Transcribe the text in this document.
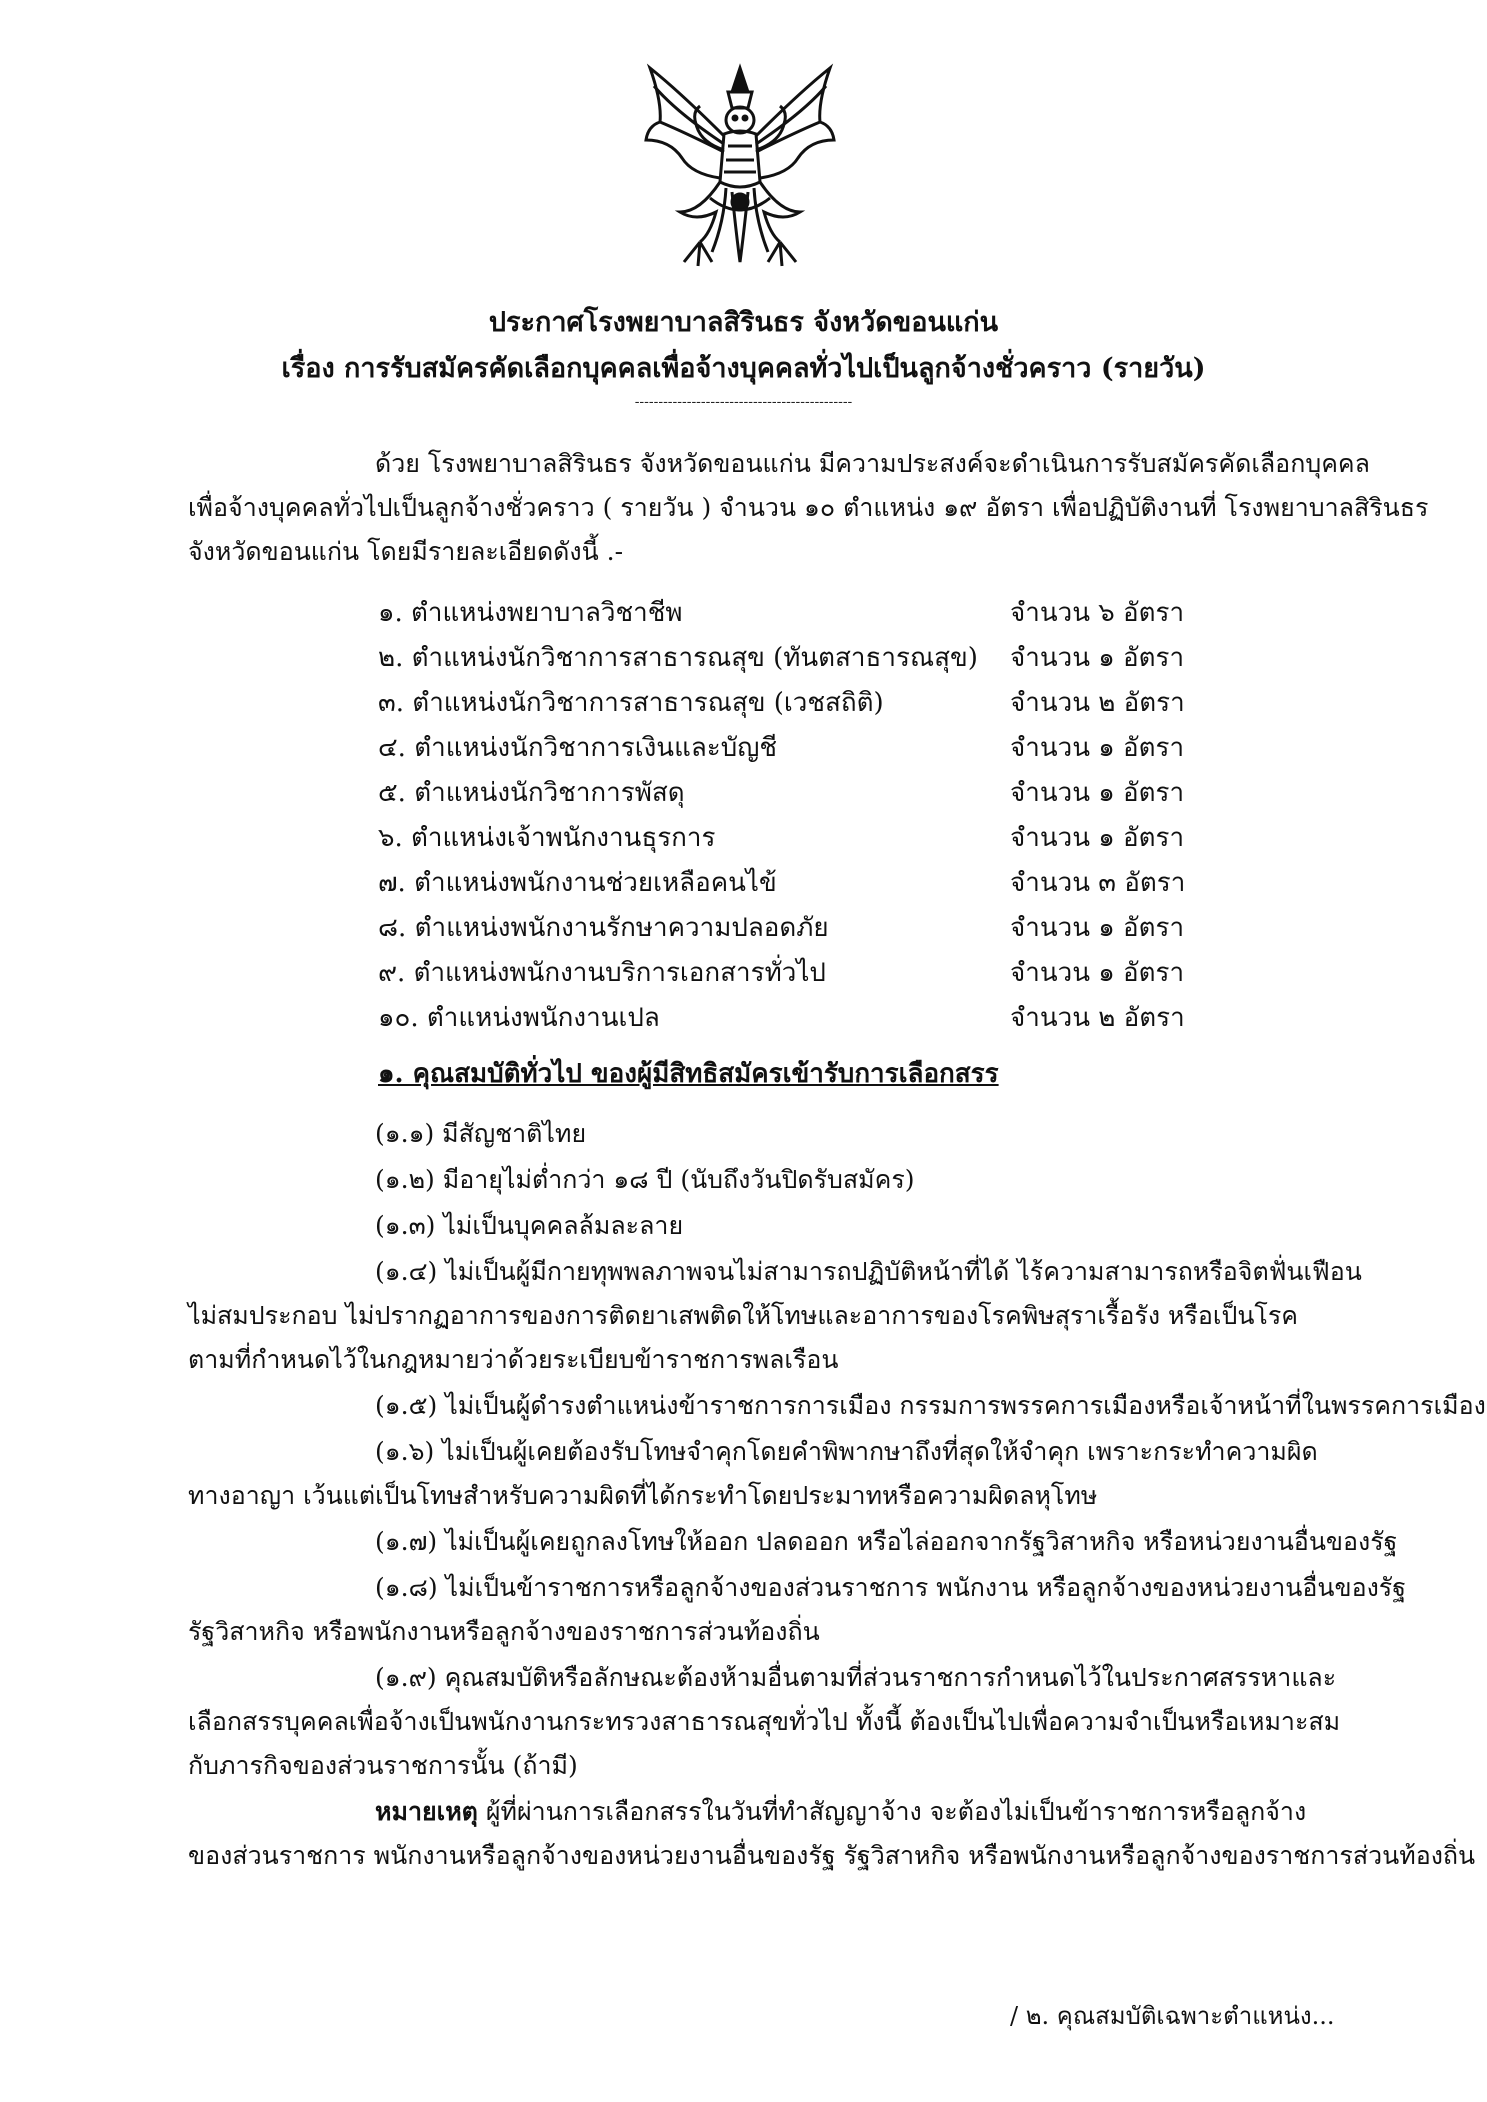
ประกาศโรงพยาบาลสิรินธร จังหวัดขอนแก่น
เรื่อง การรับสมัครคัดเลือกบุคคลเพื่อจ้างบุคคลทั่วไปเป็นลูกจ้างชั่วคราว (รายวัน)
----------------------------------------------
ด้วย โรงพยาบาลสิรินธร จังหวัดขอนแก่น มีความประสงค์จะดำเนินการรับสมัครคัดเลือกบุคคล
เพื่อจ้างบุคคลทั่วไปเป็นลูกจ้างชั่วคราว ( รายวัน ) จำนวน ๑๐ ตำแหน่ง ๑๙ อัตรา เพื่อปฏิบัติงานที่ โรงพยาบาลสิรินธร
จังหวัดขอนแก่น โดยมีรายละเอียดดังนี้ .-
๑. ตำแหน่งพยาบาลวิชาชีพ	จำนวน ๖ อัตรา
๒. ตำแหน่งนักวิชาการสาธารณสุข (ทันตสาธารณสุข) จำนวน ๑ อัตรา
๓. ตำแหน่งนักวิชาการสาธารณสุข (เวชสถิติ)	จำนวน ๒ อัตรา
๔. ตำแหน่งนักวิชาการเงินและบัญชี	จำนวน ๑ อัตรา
๕. ตำแหน่งนักวิชาการพัสดุ	จำนวน ๑ อัตรา
๖. ตำแหน่งเจ้าพนักงานธุรการ	จำนวน ๑ อัตรา
๗. ตำแหน่งพนักงานช่วยเหลือคนไข้	จำนวน ๓ อัตรา
๘. ตำแหน่งพนักงานรักษาความปลอดภัย	จำนวน ๑ อัตรา
๙. ตำแหน่งพนักงานบริการเอกสารทั่วไป	จำนวน ๑ อัตรา
๑๐. ตำแหน่งพนักงานเปล	จำนวน ๒ อัตรา
๑. คุณสมบัติทั่วไป ของผู้มีสิทธิสมัครเข้ารับการเลือกสรร
(๑.๑) มีสัญชาติไทย
(๑.๒) มีอายุไม่ต่ำกว่า ๑๘ ปี (นับถึงวันปิดรับสมัคร)
(๑.๓) ไม่เป็นบุคคลล้มละลาย
(๑.๔) ไม่เป็นผู้มีกายทุพพลภาพจนไม่สามารถปฏิบัติหน้าที่ได้ ไร้ความสามารถหรือจิตฟั่นเฟือน
ไม่สมประกอบ ไม่ปรากฏอาการของการติดยาเสพติดให้โทษและอาการของโรคพิษสุราเรื้อรัง หรือเป็นโรค
ตามที่กำหนดไว้ในกฎหมายว่าด้วยระเบียบข้าราชการพลเรือน
(๑.๕) ไม่เป็นผู้ดำรงตำแหน่งข้าราชการการเมือง กรรมการพรรคการเมืองหรือเจ้าหน้าที่ในพรรคการเมือง
(๑.๖) ไม่เป็นผู้เคยต้องรับโทษจำคุกโดยคำพิพากษาถึงที่สุดให้จำคุก เพราะกระทำความผิด
ทางอาญา เว้นแต่เป็นโทษสำหรับความผิดที่ได้กระทำโดยประมาทหรือความผิดลหุโทษ
(๑.๗) ไม่เป็นผู้เคยถูกลงโทษให้ออก ปลดออก หรือไล่ออกจากรัฐวิสาหกิจ หรือหน่วยงานอื่นของรัฐ
(๑.๘) ไม่เป็นข้าราชการหรือลูกจ้างของส่วนราชการ พนักงาน หรือลูกจ้างของหน่วยงานอื่นของรัฐ
รัฐวิสาหกิจ หรือพนักงานหรือลูกจ้างของราชการส่วนท้องถิ่น
(๑.๙) คุณสมบัติหรือลักษณะต้องห้ามอื่นตามที่ส่วนราชการกำหนดไว้ในประกาศสรรหาและ
เลือกสรรบุคคลเพื่อจ้างเป็นพนักงานกระทรวงสาธารณสุขทั่วไป ทั้งนี้ ต้องเป็นไปเพื่อความจำเป็นหรือเหมาะสม
กับภารกิจของส่วนราชการนั้น (ถ้ามี)
หมายเหตุ ผู้ที่ผ่านการเลือกสรรในวันที่ทำสัญญาจ้าง จะต้องไม่เป็นข้าราชการหรือลูกจ้าง
ของส่วนราชการ พนักงานหรือลูกจ้างของหน่วยงานอื่นของรัฐ รัฐวิสาหกิจ หรือพนักงานหรือลูกจ้างของราชการส่วนท้องถิ่น
/ ๒. คุณสมบัติเฉพาะตำแหน่ง...
